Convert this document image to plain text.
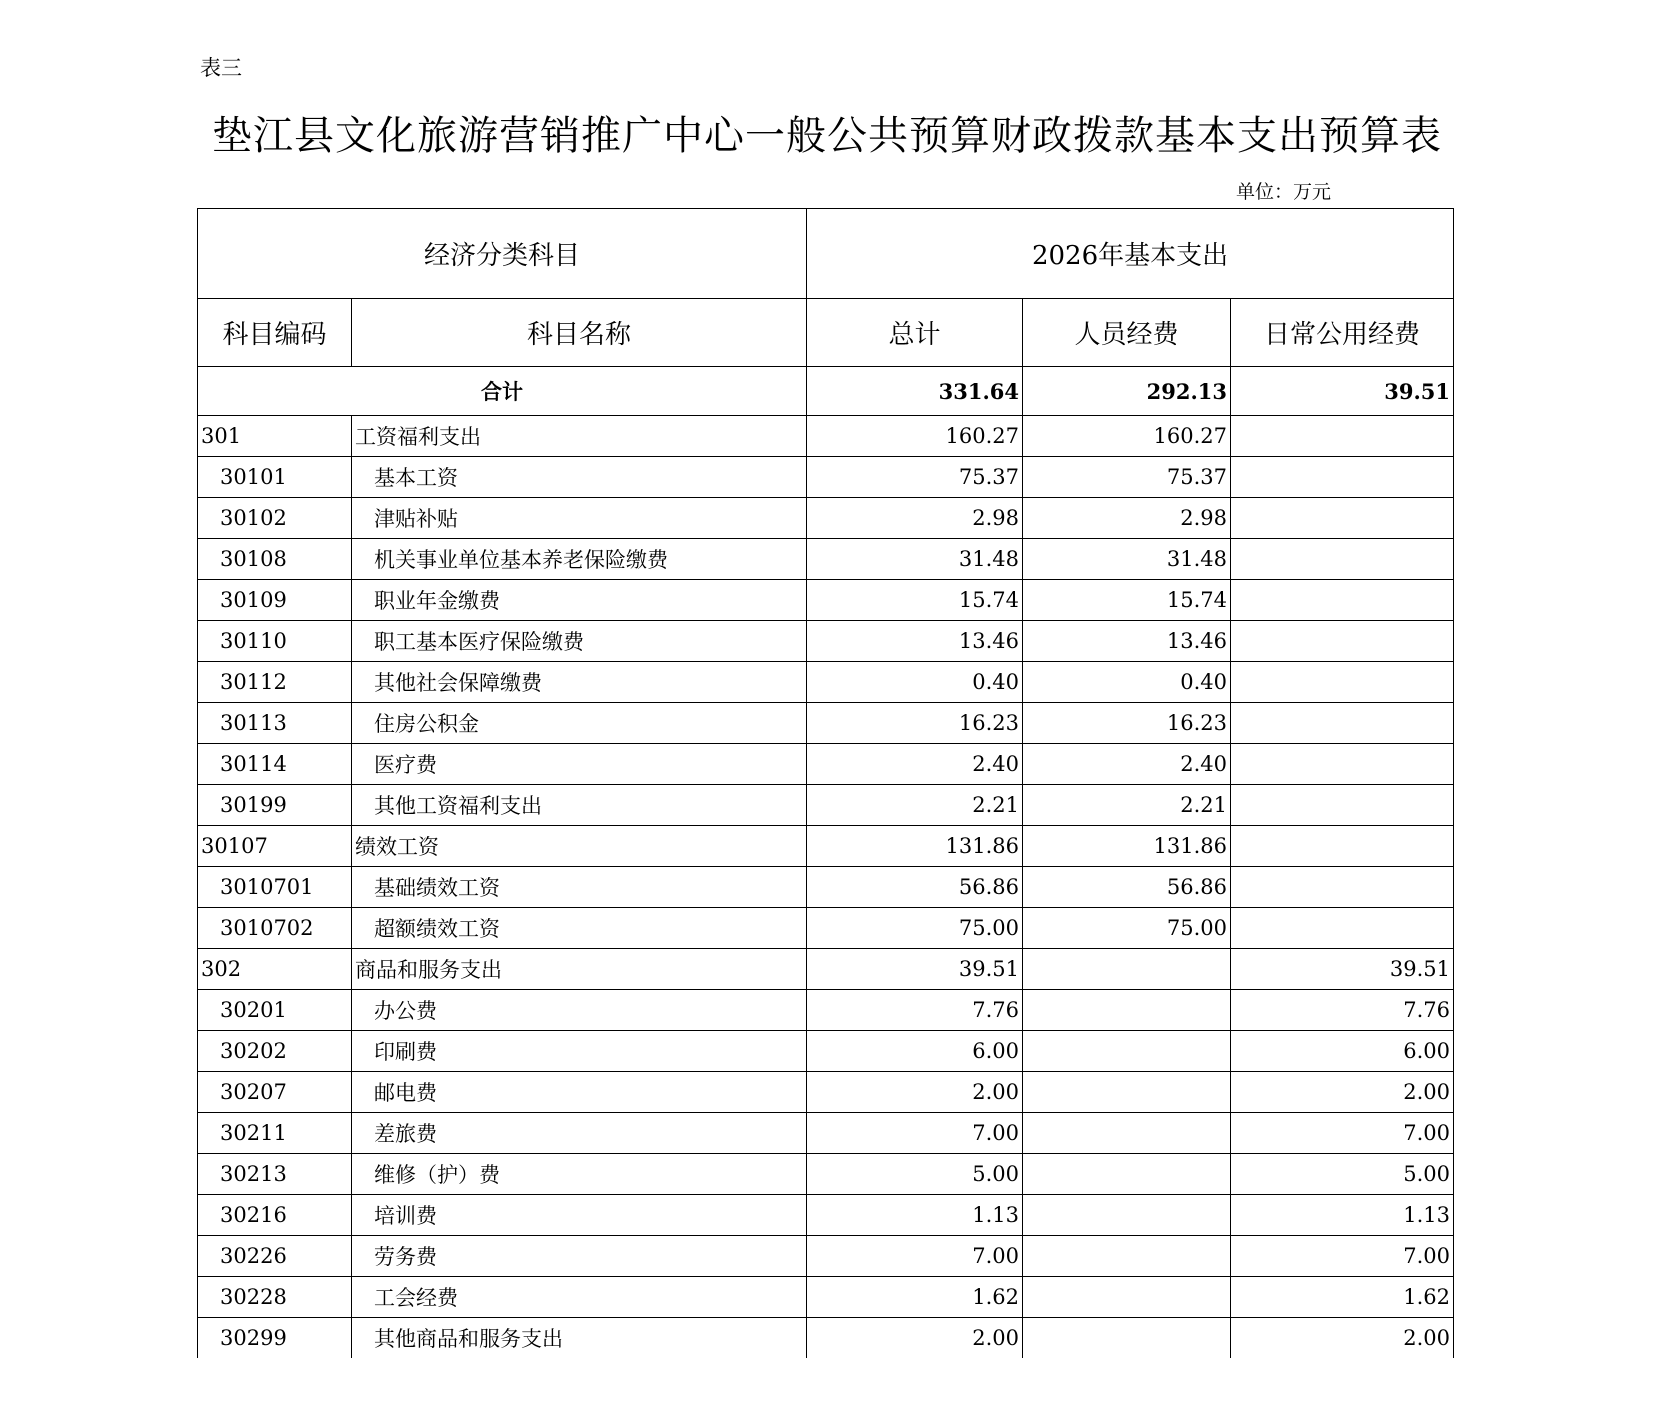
表三
垫江县文化旅游营销推广中心一般公共预算财政拨款基本支出预算表
单位：万元
经济分类科目		2026年基本支出		
科目编码	科目名称	总计	人员经费	日常公用经费
合计		331.64	292.13	39.51
301	工资福利支出	160.27	160.27	
30101	基本工资	75.37	75.37	
30102	津贴补贴	2.98	2.98	
30108	机关事业单位基本养老保险缴费	31.48	31.48	
30109	职业年金缴费	15.74	15.74	
30110	职工基本医疗保险缴费	13.46	13.46	
30112	其他社会保障缴费	0.40	0.40	
30113	住房公积金	16.23	16.23	
30114	医疗费	2.40	2.40	
30199	其他工资福利支出	2.21	2.21	
30107	绩效工资	131.86	131.86	
3010701	基础绩效工资	56.86	56.86	
3010702	超额绩效工资	75.00	75.00	
302	商品和服务支出	39.51		39.51
30201	办公费	7.76		7.76
30202	印刷费	6.00		6.00
30207	邮电费	2.00		2.00
30211	差旅费	7.00		7.00
30213	维修（护）费	5.00		5.00
30216	培训费	1.13		1.13
30226	劳务费	7.00		7.00
30228	工会经费	1.62		1.62
30299	其他商品和服务支出	2.00		2.00
